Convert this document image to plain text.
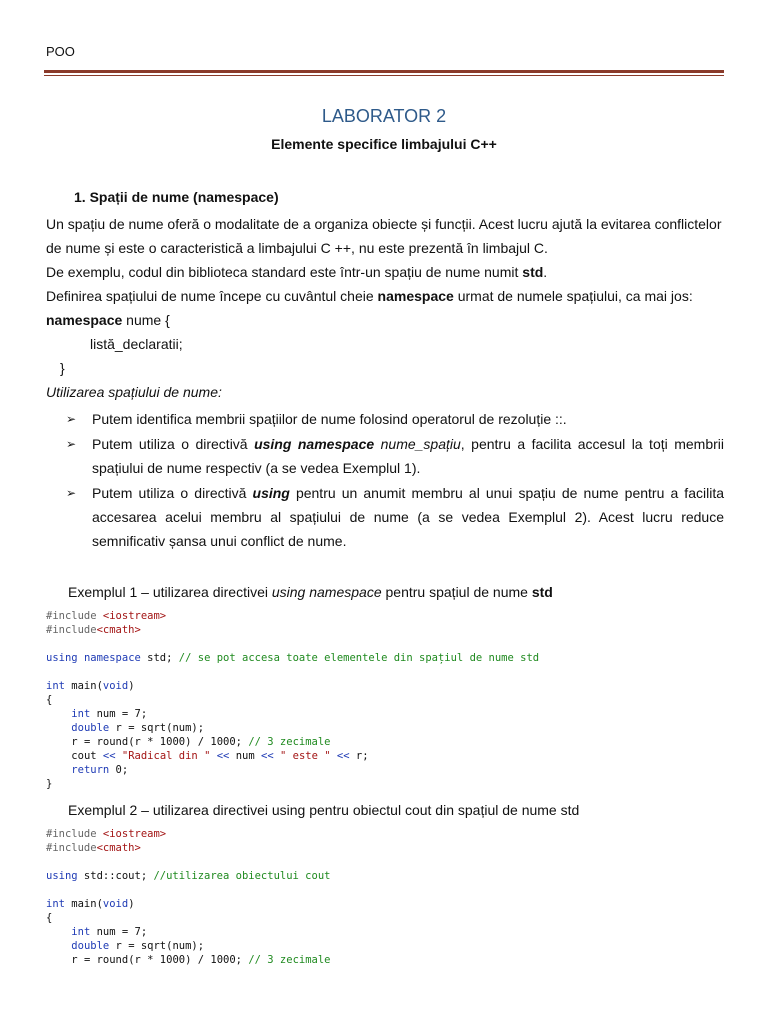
POO
LABORATOR 2
Elemente specifice limbajului C++
1. Spații de nume (namespace)
Un spațiu de nume oferă o modalitate de a organiza obiecte și funcții. Acest lucru ajută la evitarea conflictelor
de nume și este o caracteristică a limbajului C ++, nu este prezentă în limbajul C.
De exemplu, codul din biblioteca standard este într-un spațiu de nume numit std.
Definirea spațiului de nume începe cu cuvântul cheie namespace urmat de numele spațiului, ca mai jos:
namespace nume {
listă_declaratii;
}
Utilizarea spațiului de nume:
➢ Putem identifica membrii spațiilor de nume folosind operatorul de rezoluție ::.
➢ Putem utiliza o directivă using namespace nume_spațiu, pentru a facilita accesul la toți membrii spațiului de nume respectiv (a se vedea Exemplul 1).
➢ Putem utiliza o directivă using pentru un anumit membru al unui spațiu de nume pentru a facilita accesarea acelui membru al spațiului de nume (a se vedea Exemplul 2). Acest lucru reduce semnificativ șansa unui conflict de nume.
Exemplul 1 – utilizarea directivei using namespace pentru spațiul de nume std
#include <iostream>
#include<cmath>

using namespace std; // se pot accesa toate elementele din spațiul de nume std

int main(void)
{
int num = 7;
double r = sqrt(num);
r = round(r * 1000) / 1000; // 3 zecimale
cout << "Radical din " << num << " este " << r;
return 0;
}
Exemplul 2 – utilizarea directivei using pentru obiectul cout din spațiul de nume std
#include <iostream>
#include<cmath>

using std::cout; //utilizarea obiectului cout

int main(void)
{
int num = 7;
double r = sqrt(num);
r = round(r * 1000) / 1000; // 3 zecimale
